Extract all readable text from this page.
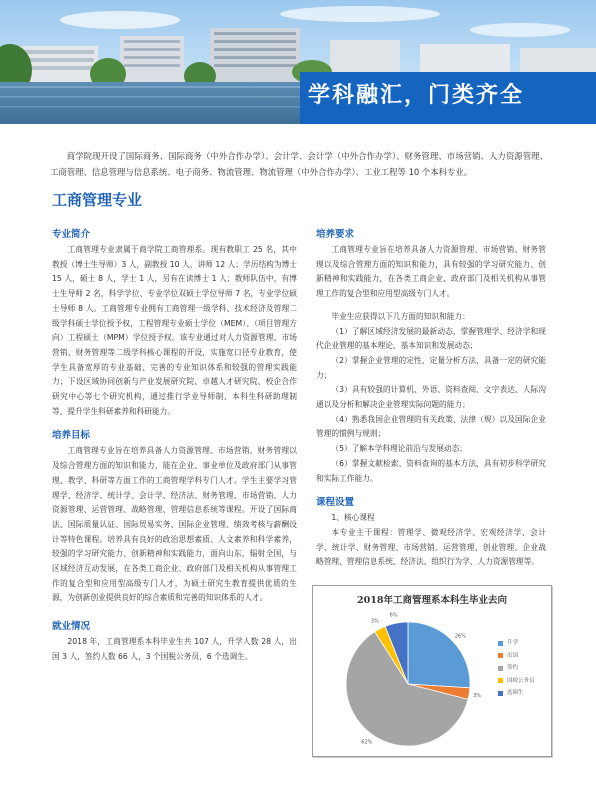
学科融汇，门类齐全

商学院现开设了国际商务、国际商务（中外合作办学）、会计学、会计学（中外合作办学）、财务管理、市场营销、人力资源管理、工商管理、信息管理与信息系统、电子商务、物流管理、物流管理（中外合作办学）、工业工程等 10 个本科专业。

工商管理专业
专业简介

工商管理专业隶属于商学院工商管理系。现有教职工 25 名，其中教授（博士生导师）3 人，副教授 10 人，讲师 12 人；学历结构为博士 15 人，硕士 8 人，学士 1 人，另有在读博士 1 人；教师队伍中，有博士生导师 2 名，科学学位、专业学位双硕士学位导师 7 名，专业学位硕士导师 8 人。工商管理专业拥有工商管理一级学科、技术经济及管理二级学科硕士学位授予权，工程管理专业硕士学位（MEM）、（项目管理方向）工程硕士（MPM）学位授予权。该专业通过对人力资源管理、市场营销、财务管理等二级学科核心课程的开设，实施宽口径专业教育，使学生具备宽厚的专业基础、完善的专业知识体系和较强的管理实践能力；下设区域协同创新与产业发展研究院、卓越人才研究院、校企合作研究中心等七个研究机构，通过推行学业导师制、本科生科研助理制等，提升学生科研素养和科研能力。

培养目标

工商管理专业旨在培养具备人力资源管理、市场营销、财务管理以及综合管理方面的知识和能力，能在企业、事业单位及政府部门从事管理、教学、科研等方面工作的工商管理学科专门人才。学生主要学习管理学、经济学、统计学、会计学、经济法、财务管理、市场营销、人力资源管理、运营管理、战略管理、管理信息系统等课程。开设了国际商法、国际质量认证、国际贸易实务、国际企业管理、绩效考核与薪酬设计等特色课程。培养具有良好的政治思想素质、人文素养和科学素养，较强的学习研究能力、创新精神和实践能力，面向山东，辐射全国，与区域经济互动发展，在各类工商企业、政府部门及相关机构从事管理工作的复合型和应用型高级专门人才，为硕士研究生教育提供优质的生源，为创新创业提供良好的综合素质和完善的知识体系的人才。

就业情况

2018 年，工商管理系本科毕业生共 107 人，升学人数 28 人，出国 3 人，签约人数 66 人，3 个国税公务员，6 个选调生。

培养要求

工商管理专业旨在培养具备人力资源管理、市场营销、财务管理以及综合管理方面的知识和能力，具有较强的学习研究能力、创新精神和实践能力，在各类工商企业、政府部门及相关机构从事管理工作的复合型和应用型高级专门人才。

毕业生应获得以下几方面的知识和能力：

（1）了解区域经济发展的最新动态，掌握管理学、经济学和现代企业管理的基本理论、基本知识和发展动态；

（2）掌握企业管理的定性、定量分析方法，具备一定的研究能力；

（3）具有较强的计算机、外语、资料查阅、文字表达、人际沟通以及分析和解决企业管理实际问题的能力；

（4）熟悉我国企业管理的有关政策、法律（规）以及国际企业管理的惯例与规则；

（5）了解本学科理论前沿与发展动态；

（6）掌握文献检索、资料查询的基本方法，具有初步科学研究和实际工作能力。

课程设置

1、核心课程

本专业主干课程：管理学、微观经济学、宏观经济学、会计学、统计学、财务管理、市场营销、运营管理、创业管理、企业战略管理、管理信息系统、经济法、组织行为学、人力资源管理等。

2018年工商管理系本科生毕业去向
26%
3%
62%
3%
6%
升学
出国
签约
国税公务员
选调生
